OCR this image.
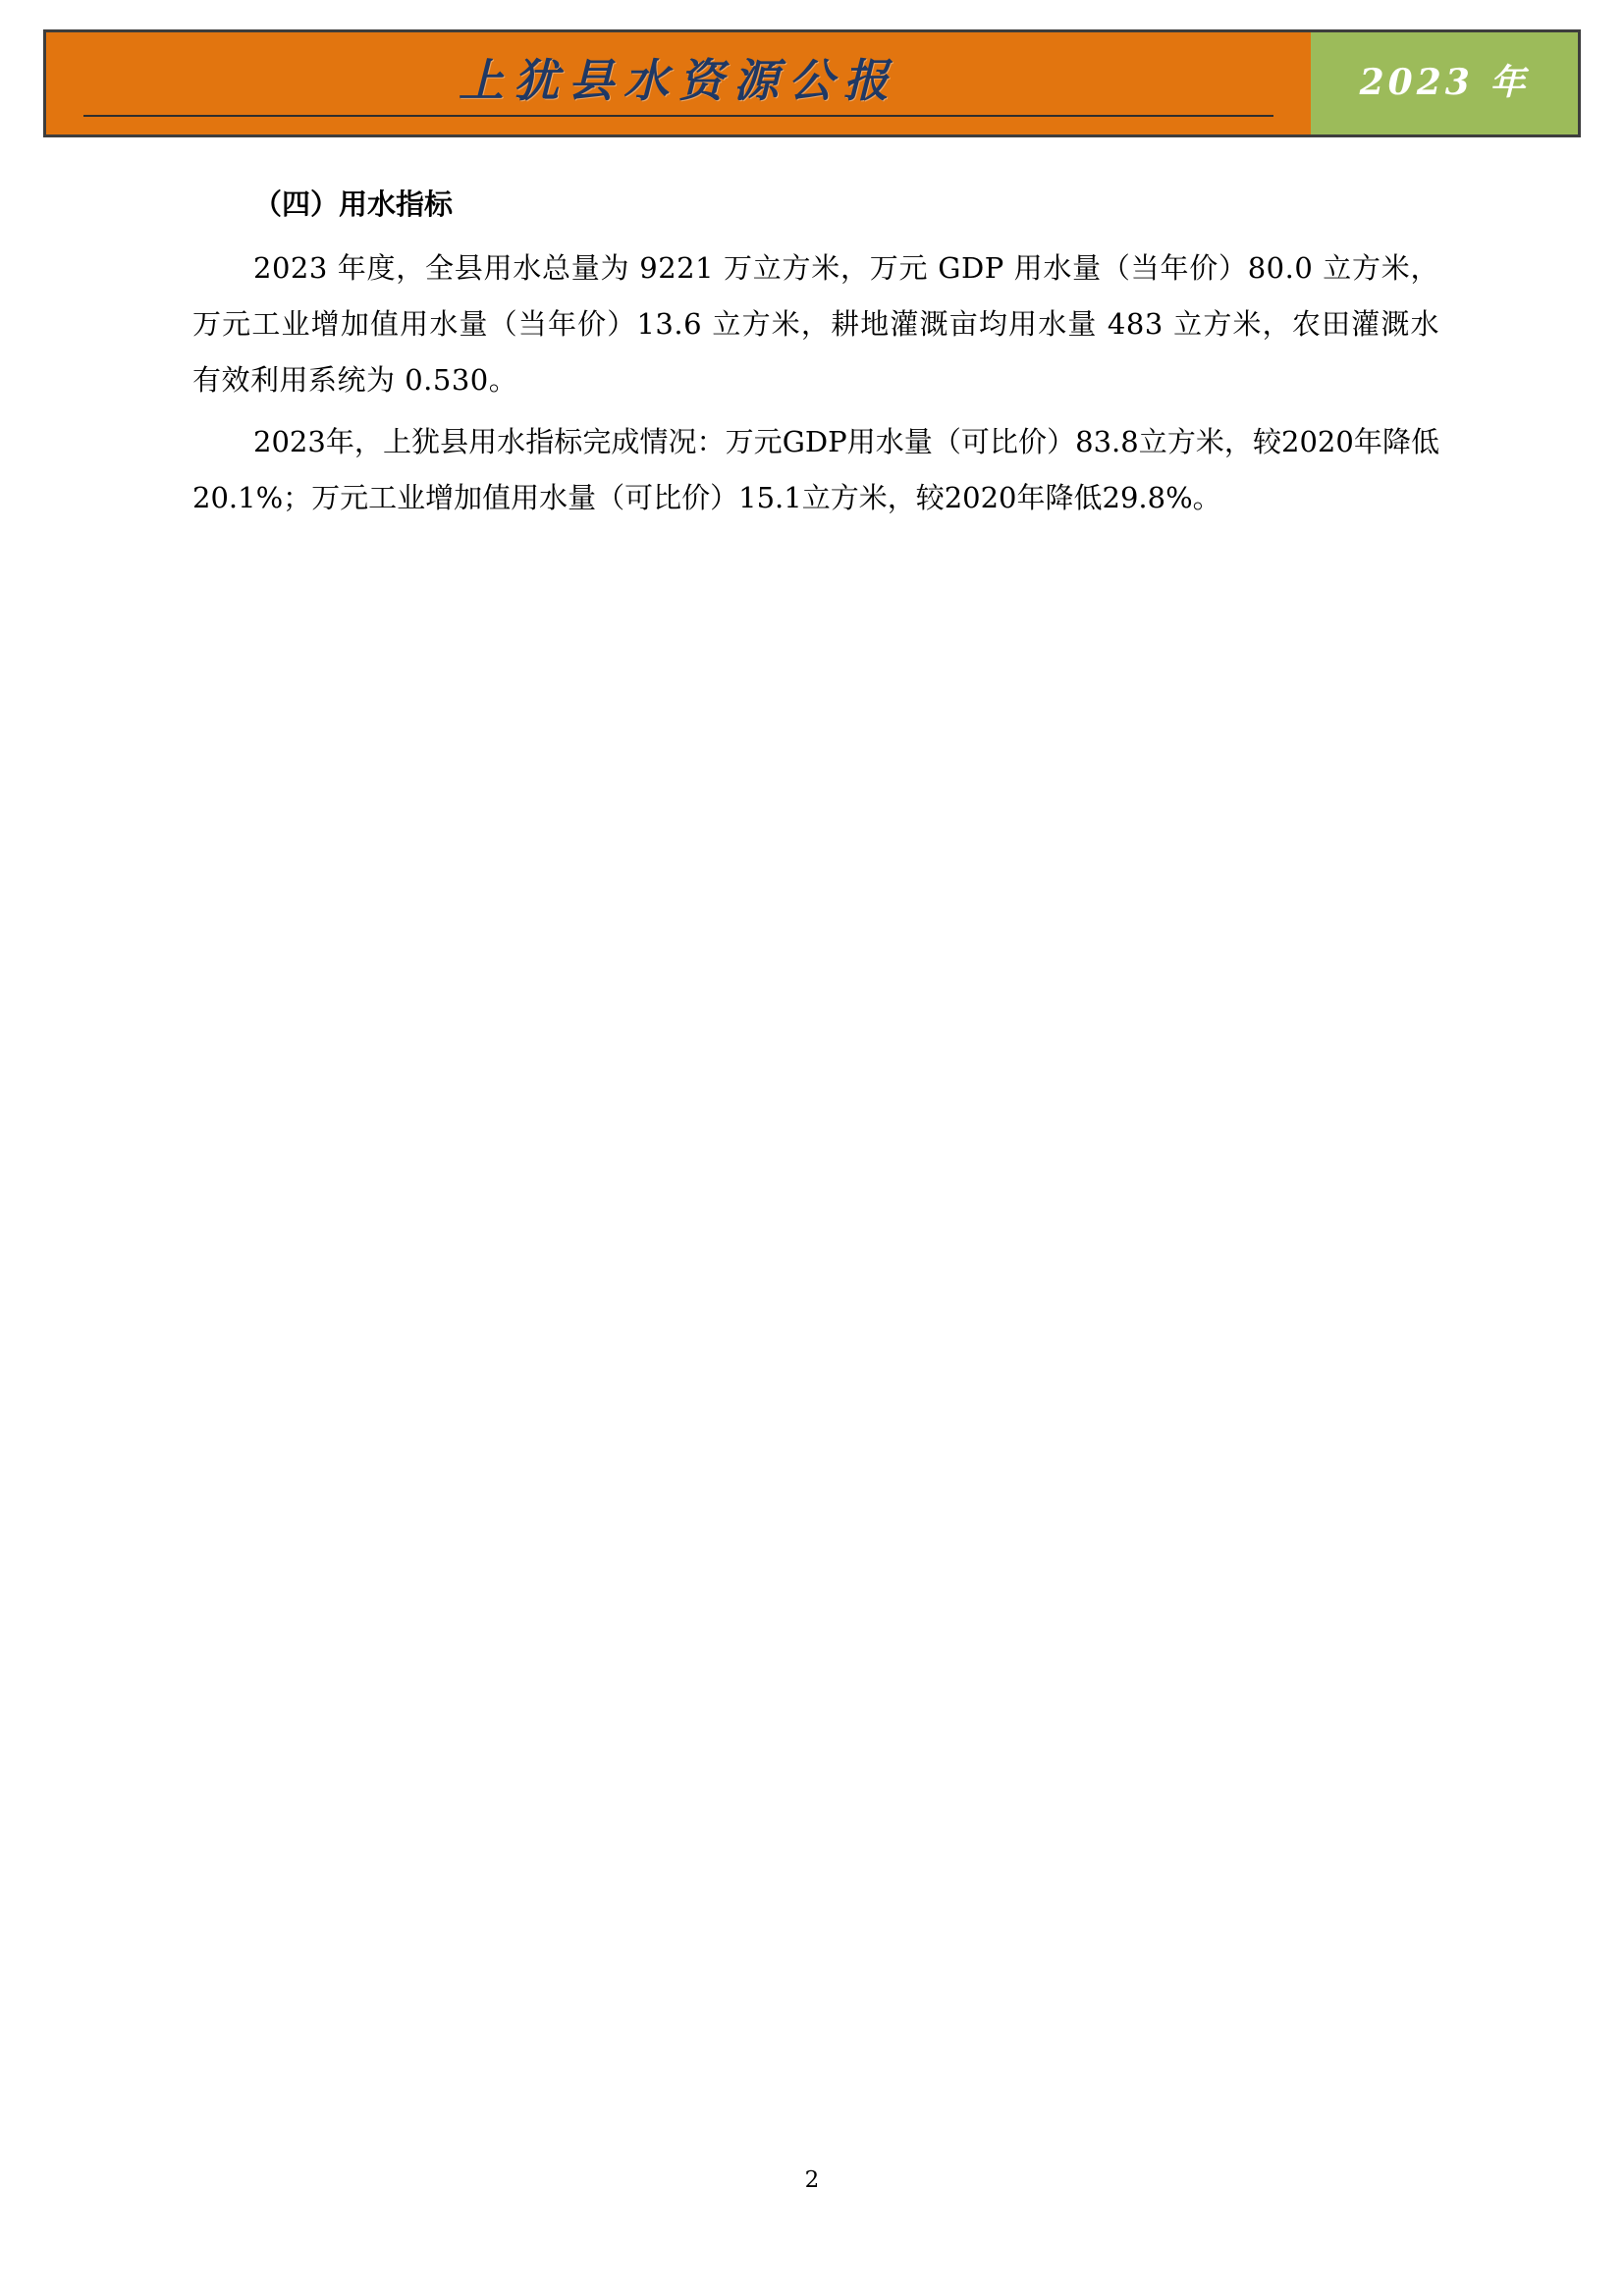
上犹县水资源公报	2023 年
（四）用水指标

2023 年度，全县用水总量为 9221 万立方米，万元 GDP 用水量（当年价）80.0 立方米，万元工业增加值用水量（当年价）13.6 立方米，耕地灌溉亩均用水量 483 立方米，农田灌溉水有效利用系统为 0.530。

2023年，上犹县用水指标完成情况：万元GDP用水量（可比价）83.8立方米，较2020年降低20.1%；万元工业增加值用水量（可比价）15.1立方米，较2020年降低29.8%。

2
